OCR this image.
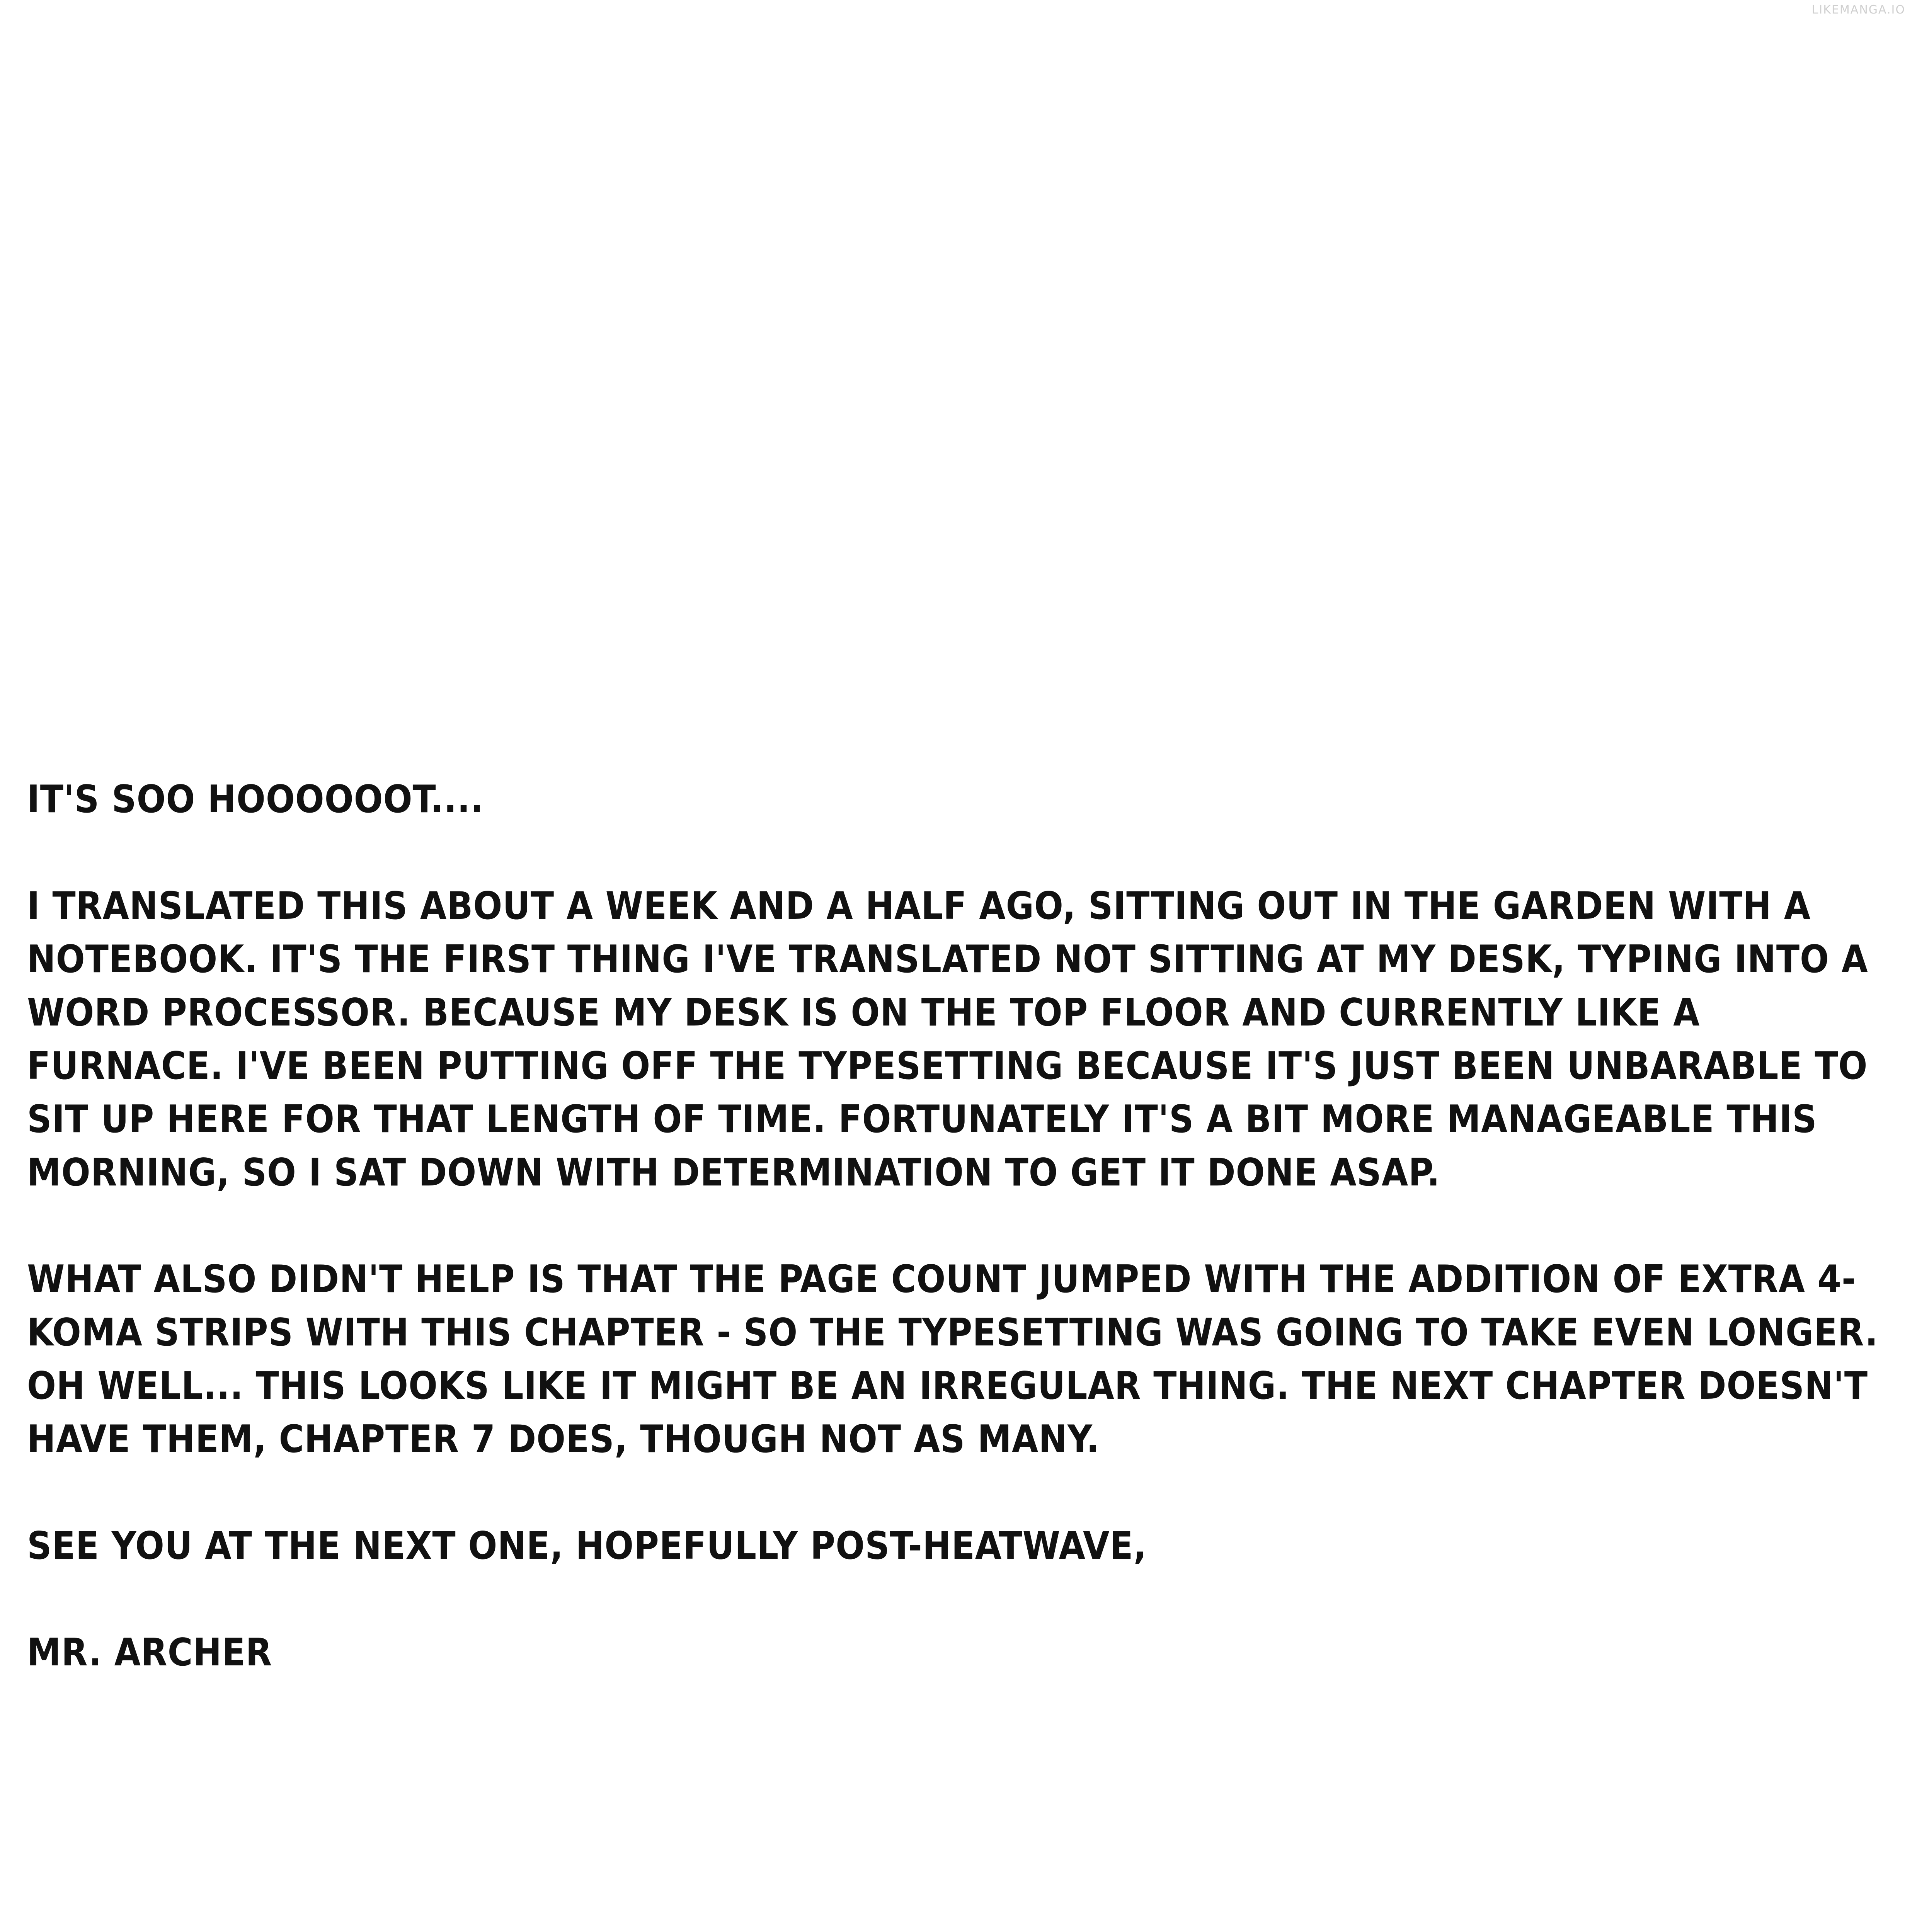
LIKEMANGA.IO

IT'S SOO HOOOOOOT....

I TRANSLATED THIS ABOUT A WEEK AND A HALF AGO, SITTING OUT IN THE GARDEN WITH A NOTEBOOK. IT'S THE FIRST THING I'VE TRANSLATED NOT SITTING AT MY DESK, TYPING INTO A WORD PROCESSOR. BECAUSE MY DESK IS ON THE TOP FLOOR AND CURRENTLY LIKE A FURNACE. I'VE BEEN PUTTING OFF THE TYPESETTING BECAUSE IT'S JUST BEEN UNBARABLE TO SIT UP HERE FOR THAT LENGTH OF TIME. FORTUNATELY IT'S A BIT MORE MANAGEABLE THIS MORNING, SO I SAT DOWN WITH DETERMINATION TO GET IT DONE ASAP.

WHAT ALSO DIDN'T HELP IS THAT THE PAGE COUNT JUMPED WITH THE ADDITION OF EXTRA 4-KOMA STRIPS WITH THIS CHAPTER - SO THE TYPESETTING WAS GOING TO TAKE EVEN LONGER. OH WELL... THIS LOOKS LIKE IT MIGHT BE AN IRREGULAR THING. THE NEXT CHAPTER DOESN'T HAVE THEM, CHAPTER 7 DOES, THOUGH NOT AS MANY.

SEE YOU AT THE NEXT ONE, HOPEFULLY POST-HEATWAVE,

MR. ARCHER
